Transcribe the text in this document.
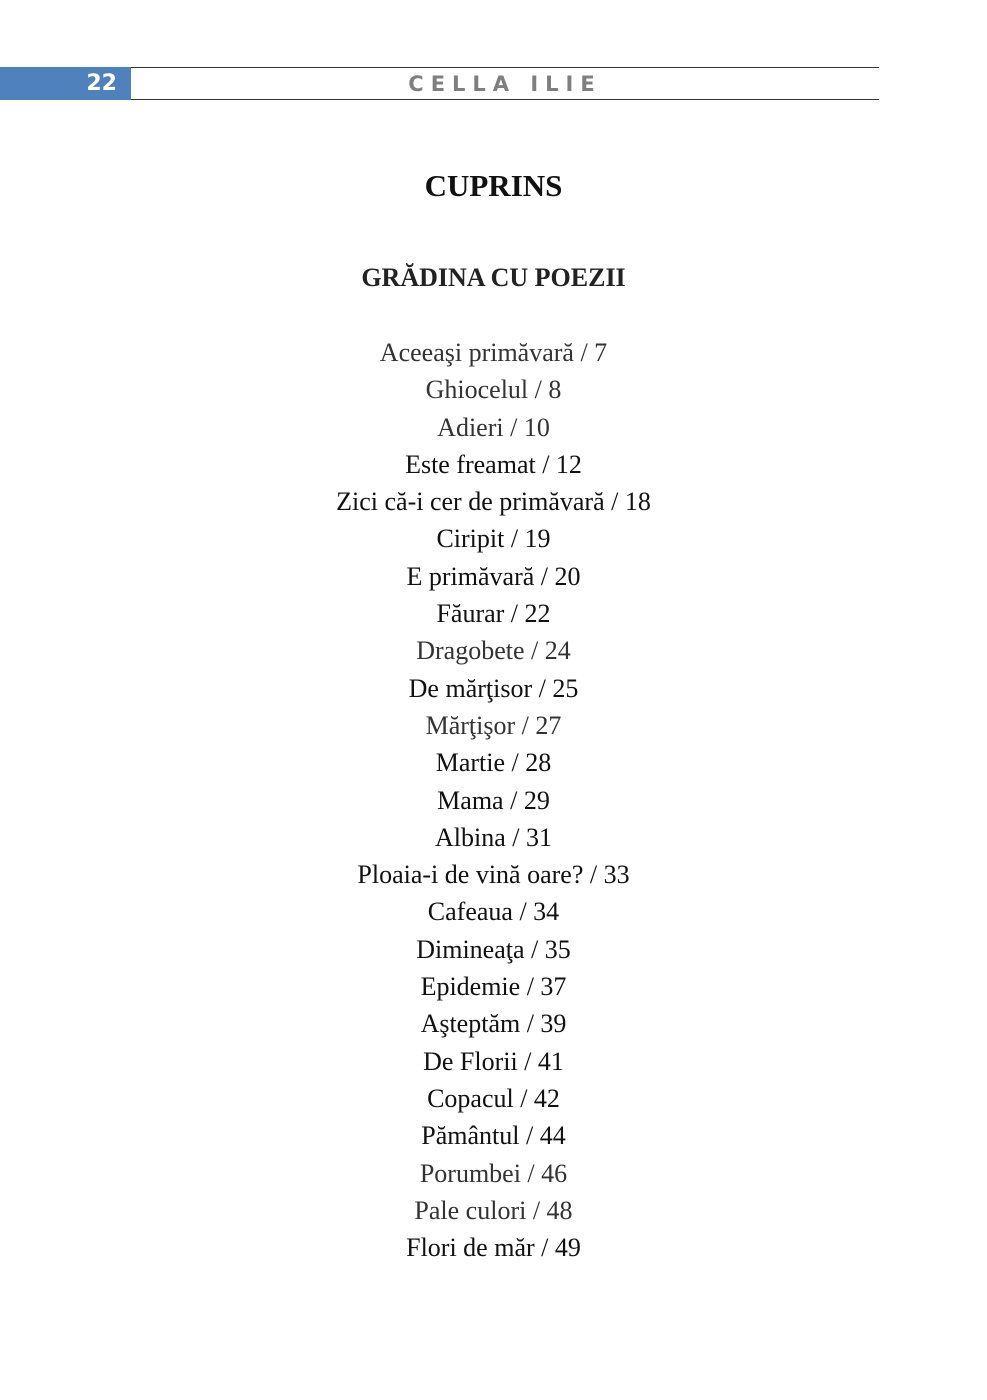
22	CELLA ILIE
CUPRINS
GRĂDINA CU POEZII
Aceeaşi primăvară / 7
Ghiocelul / 8
Adieri / 10
Este freamat / 12
Zici că-i cer de primăvară / 18
Ciripit / 19
E primăvară / 20
Făurar / 22
Dragobete / 24
De mărţisor / 25
Mărţişor / 27
Martie / 28
Mama / 29
Albina / 31
Ploaia-i de vină oare? / 33
Cafeaua / 34
Dimineaţa / 35
Epidemie / 37
Aşteptăm / 39
De Florii / 41
Copacul / 42
Pământul / 44
Porumbei / 46
Pale culori / 48
Flori de măr / 49
